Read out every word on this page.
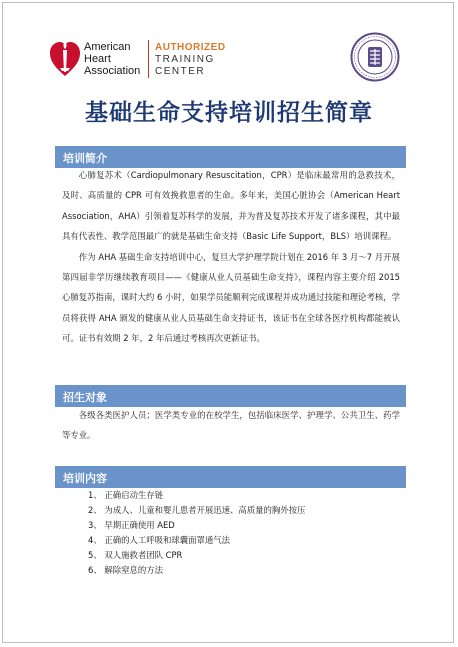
American
Heart
Association
AUTHORIZED
TRAINING
CENTER
基础生命支持培训招生简章
培训简介

心肺复苏术（Cardiopulmonary Resuscitation，CPR）是临床最常用的急救技术，及时、高质量的 CPR 可有效挽救患者的生命。多年来，美国心脏协会（American Heart Association，AHA）引领着复苏科学的发展，并为普及复苏技术开发了诸多课程，其中最具有代表性、教学范围最广的就是基础生命支持（Basic Life Support，BLS）培训课程。

作为 AHA 基础生命支持培训中心，复旦大学护理学院计划在 2016 年 3 月～7 月开展第四届非学历继续教育项目——《健康从业人员基础生命支持》，课程内容主要介绍 2015 心肺复苏指南，课时大约 6 小时，如果学员能顺利完成课程并成功通过技能和理论考核，学员将获得 AHA 颁发的健康从业人员基础生命支持证书，该证书在全球各医疗机构都能被认可。证书有效期 2 年，2 年后通过考核再次更新证书。

招生对象

各级各类医护人员；医学类专业的在校学生，包括临床医学、护理学、公共卫生、药学等专业。

培训内容
1、 正确启动生存链
2、 为成人、儿童和婴儿患者开展迅速、高质量的胸外按压
3、 早期正确使用 AED
4、 正确的人工呼吸和球囊面罩通气法
5、 双人施救者团队 CPR
6、 解除窒息的方法
